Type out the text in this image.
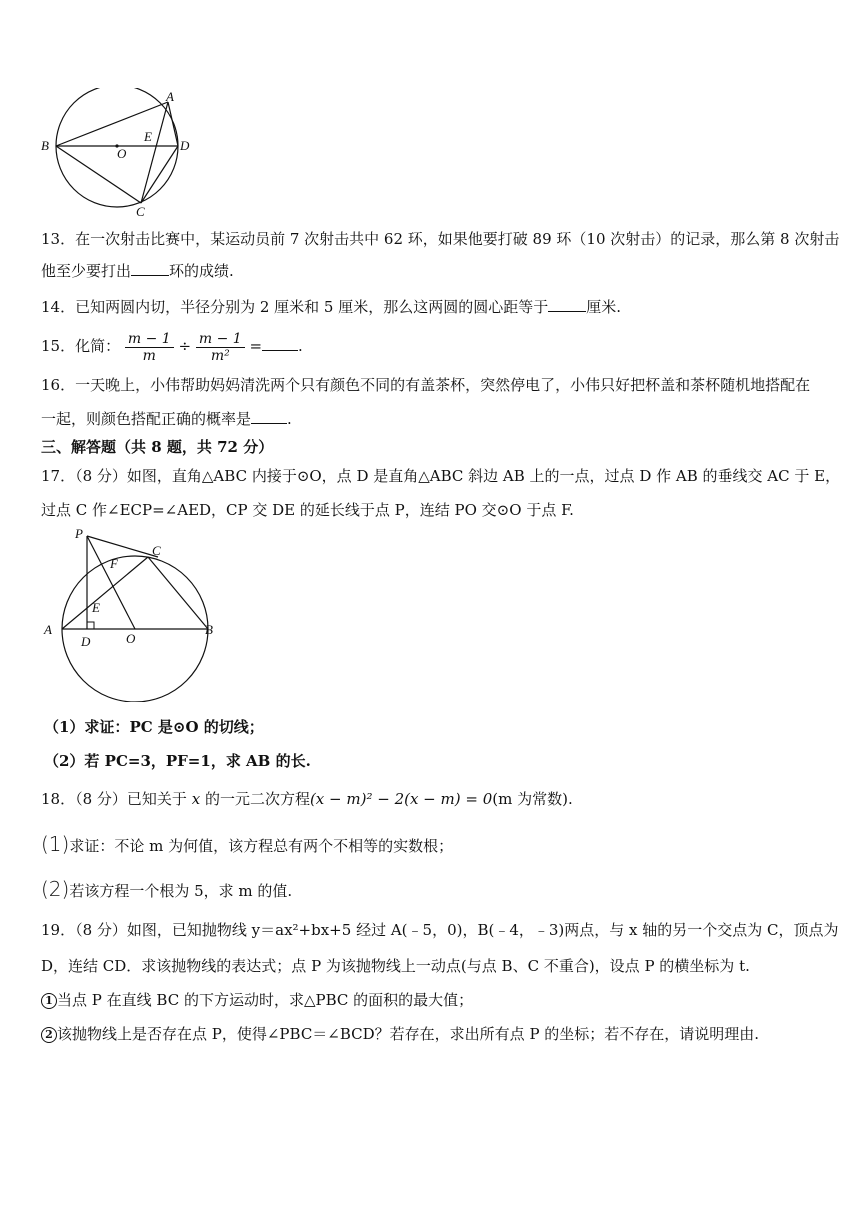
B
A
D
C
E
O
13．在一次射击比赛中，某运动员前 7 次射击共中 62 环，如果他要打破 89 环（10 次射击）的记录，那么第 8 次射击
他至少要打出	环的成绩.
14．已知两圆内切，半径分别为 2 厘米和 5 厘米，那么这两圆的圆心距等于	厘米.
15．化简： $\frac{m - 1}{m} \div \frac{m - 1}{\text{m²}}$ = .
16．一天晚上，小伟帮助妈妈清洗两个只有颜色不同的有盖茶杯，突然停电了，小伟只好把杯盖和茶杯随机地搭配在
一起，则颜色搭配正确的概率是 .
三、解答题（共 8 题，共 72 分）
17．（8 分）如图，直角△ABC 内接于⊙O，点 D 是直角△ABC 斜边 AB 上的一点，过点 D 作 AB 的垂线交 AC 于 E，
过点 C 作∠ECP=∠AED，CP 交 DE 的延长线于点 P，连结 PO 交⊙O 于点 F.
P
C
F
E
A
D	O
B
（1）求证：PC 是⊙O 的切线；
（2）若 PC=3，PF=1，求 AB 的长.
18．（8 分）已知关于 x 的一元二次方程(x − m)² − 2(x − m) = 0(m 为常数).
(1)求证：不论 m 为何值，该方程总有两个不相等的实数根；
(2)若该方程一个根为 5，求 m 的值.
19．（8 分）如图，已知抛物线 y＝ax²+bx+5 经过 A(﹣5，0)，B(﹣4，﹣3)两点，与 x 轴的另一个交点为 C，顶点为
D，连结 CD．求该抛物线的表达式；点 P 为该抛物线上一动点(与点 B、C 不重合)，设点 P 的横坐标为 t.
1 当点 P 在直线 BC 的下方运动时，求△PBC 的面积的最大值；
2 该抛物线上是否存在点 P，使得∠PBC＝∠BCD？若存在，求出所有点 P 的坐标；若不存在，请说明理由.
